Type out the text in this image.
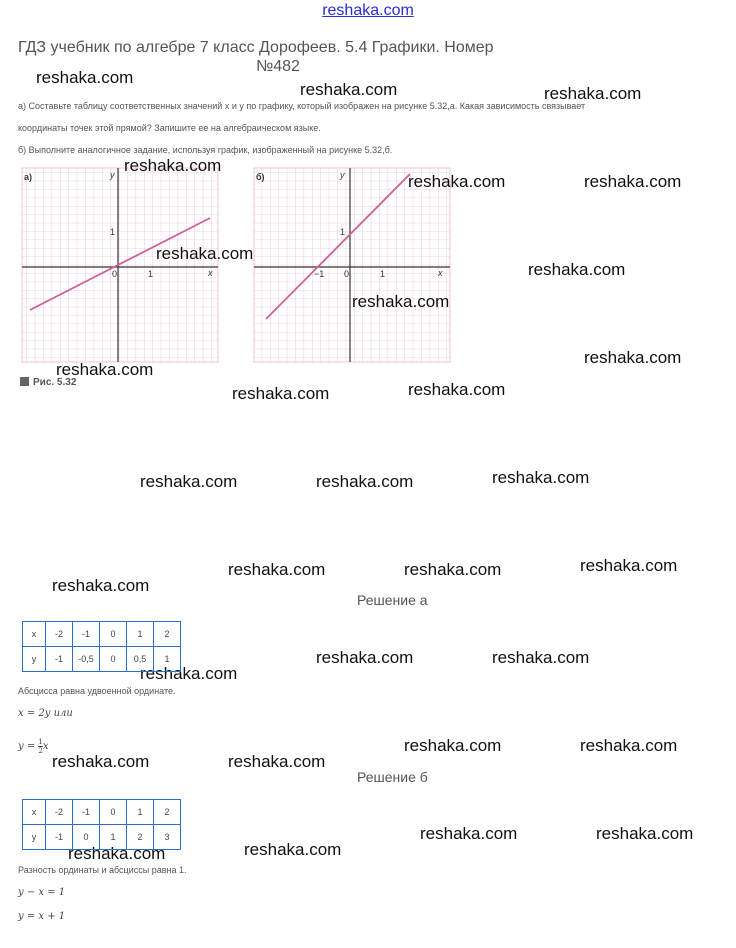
reshaka.com
ГДЗ учебник по алгебре 7 класс Дорофеев. 5.4 Графики. Номер
№482
а) Составьте таблицу соответственных значений x и y по графику, который изображен на рисунке 5.32,а. Какая зависимость связывает
координаты точек этой прямой? Запишите ее на алгебраическом языке.
б) Выполните аналогичное задание, используя график, изображенный на рисунке 5.32,б.
а)	y
x
1
1
0
б)	y
x
1
−1
1
0
Рис. 5.32
reshaka.com
reshaka.com	reshaka.com
reshaka.com
reshaka.com	reshaka.com
reshaka.com
reshaka.com
reshaka.com
reshaka.com
reshaka.com
reshaka.com
reshaka.com
reshaka.com
reshaka.com	reshaka.com
reshaka.com
reshaka.com	reshaka.com
reshaka.com
reshaka.com	reshaka.com
reshaka.com
reshaka.com	reshaka.com
reshaka.com	reshaka.com
reshaka.com	reshaka.com
reshaka.com
reshaka.com
Решение а
x	-2	-1	0	1	2
y	-1	-0,5	0	0,5	1
Абсцисса равна удвоенной ординате.
x = 2y или
$y = \frac{1}{2}$ x
Решение б
x	-2	-1	0	1	2
y	-1	0	1	2	3
Разность ординаты и абсциссы равна 1.
y − x = 1
y = x + 1
